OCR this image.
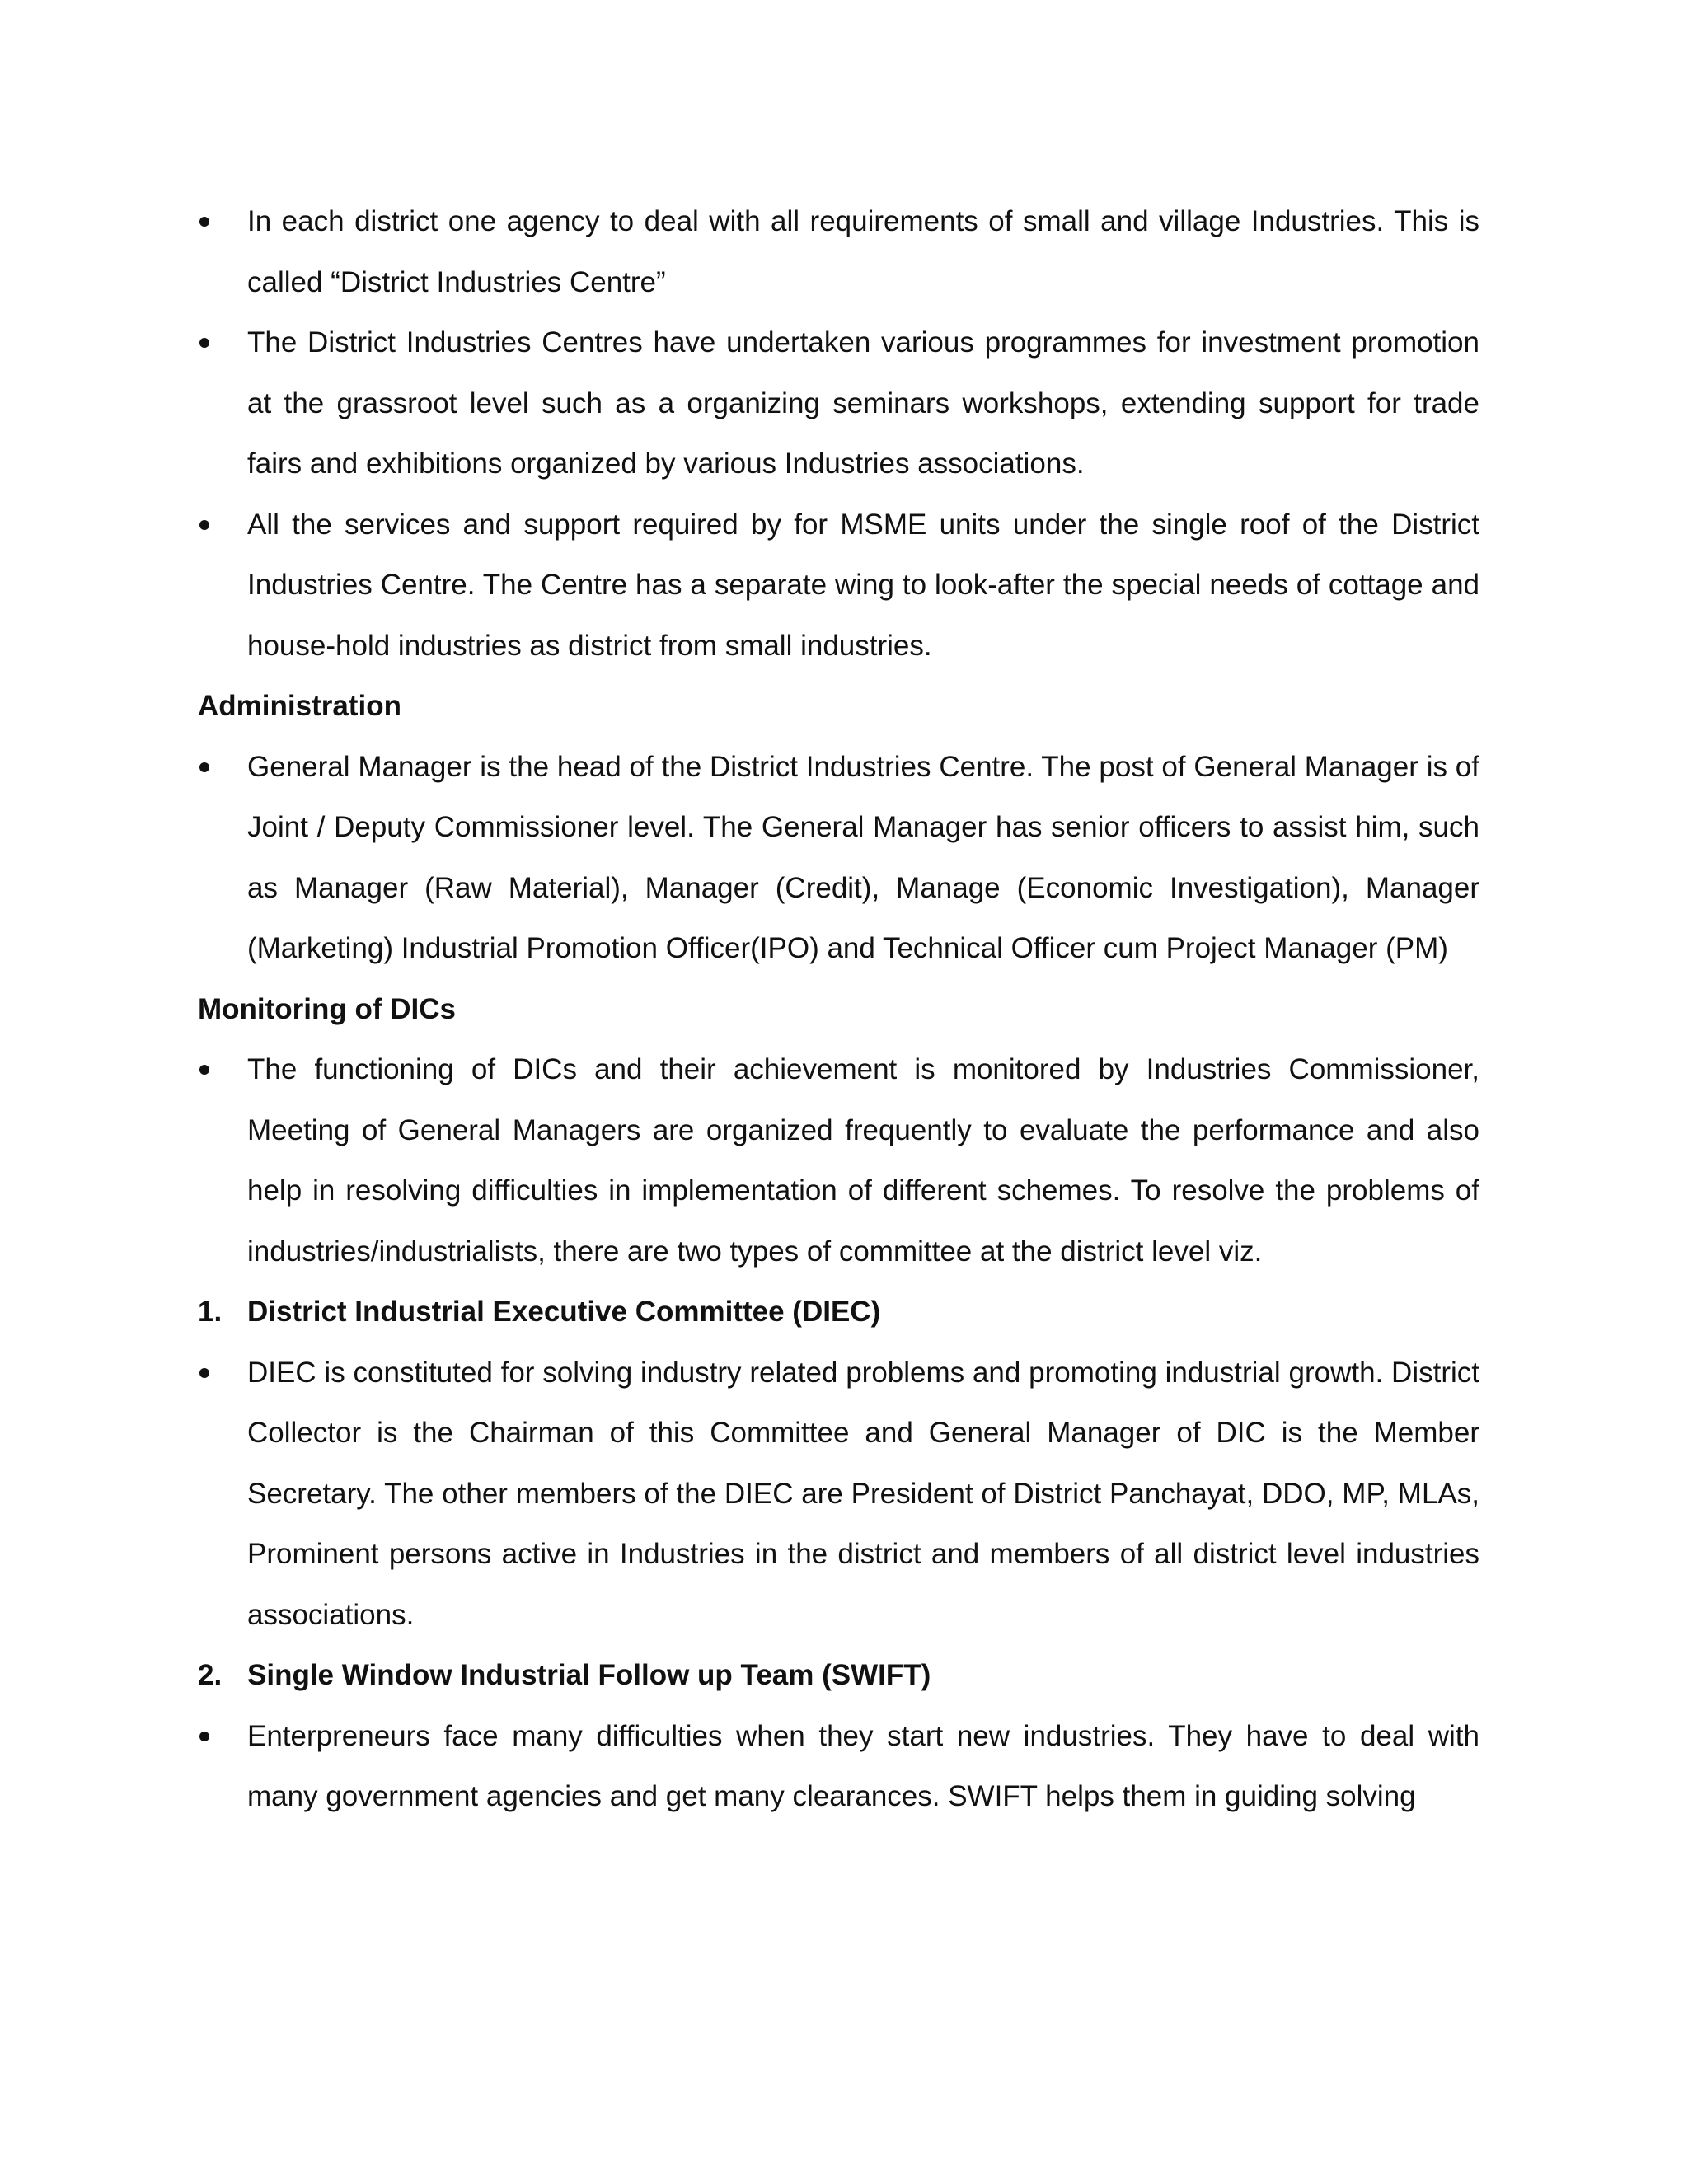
In each district one agency to deal with all requirements of small and village Industries. This is called “District Industries Centre”
The District Industries Centres have undertaken various programmes for investment promotion at the grassroot level such as a organizing seminars workshops, extending support for trade fairs and exhibitions organized by various Industries associations.
All the services and support required by for MSME units under the single roof of the District Industries Centre. The Centre has a separate wing to look-after the special needs of cottage and house-hold industries as district from small industries.
Administration
General Manager is the head of the District Industries Centre. The post of General Manager is of Joint / Deputy Commissioner level. The General Manager has senior officers to assist him, such as Manager (Raw Material), Manager (Credit), Manage (Economic Investigation), Manager (Marketing) Industrial Promotion Officer(IPO) and Technical Officer cum Project Manager (PM)
Monitoring of DICs
The functioning of DICs and their achievement is monitored by Industries Commissioner, Meeting of General Managers are organized frequently to evaluate the performance and also help in resolving difficulties in implementation of different schemes. To resolve the problems of industries/industrialists, there are two types of committee at the district level viz.
1. District Industrial Executive Committee (DIEC)
DIEC is constituted for solving industry related problems and promoting industrial growth. District Collector is the Chairman of this Committee and General Manager of DIC is the Member Secretary. The other members of the DIEC are President of District Panchayat, DDO, MP, MLAs, Prominent persons active in Industries in the district and members of all district level industries associations.
2. Single Window Industrial Follow up Team (SWIFT)
Enterpreneurs face many difficulties when they start new industries. They have to deal with many government agencies and get many clearances. SWIFT helps them in guiding solving
